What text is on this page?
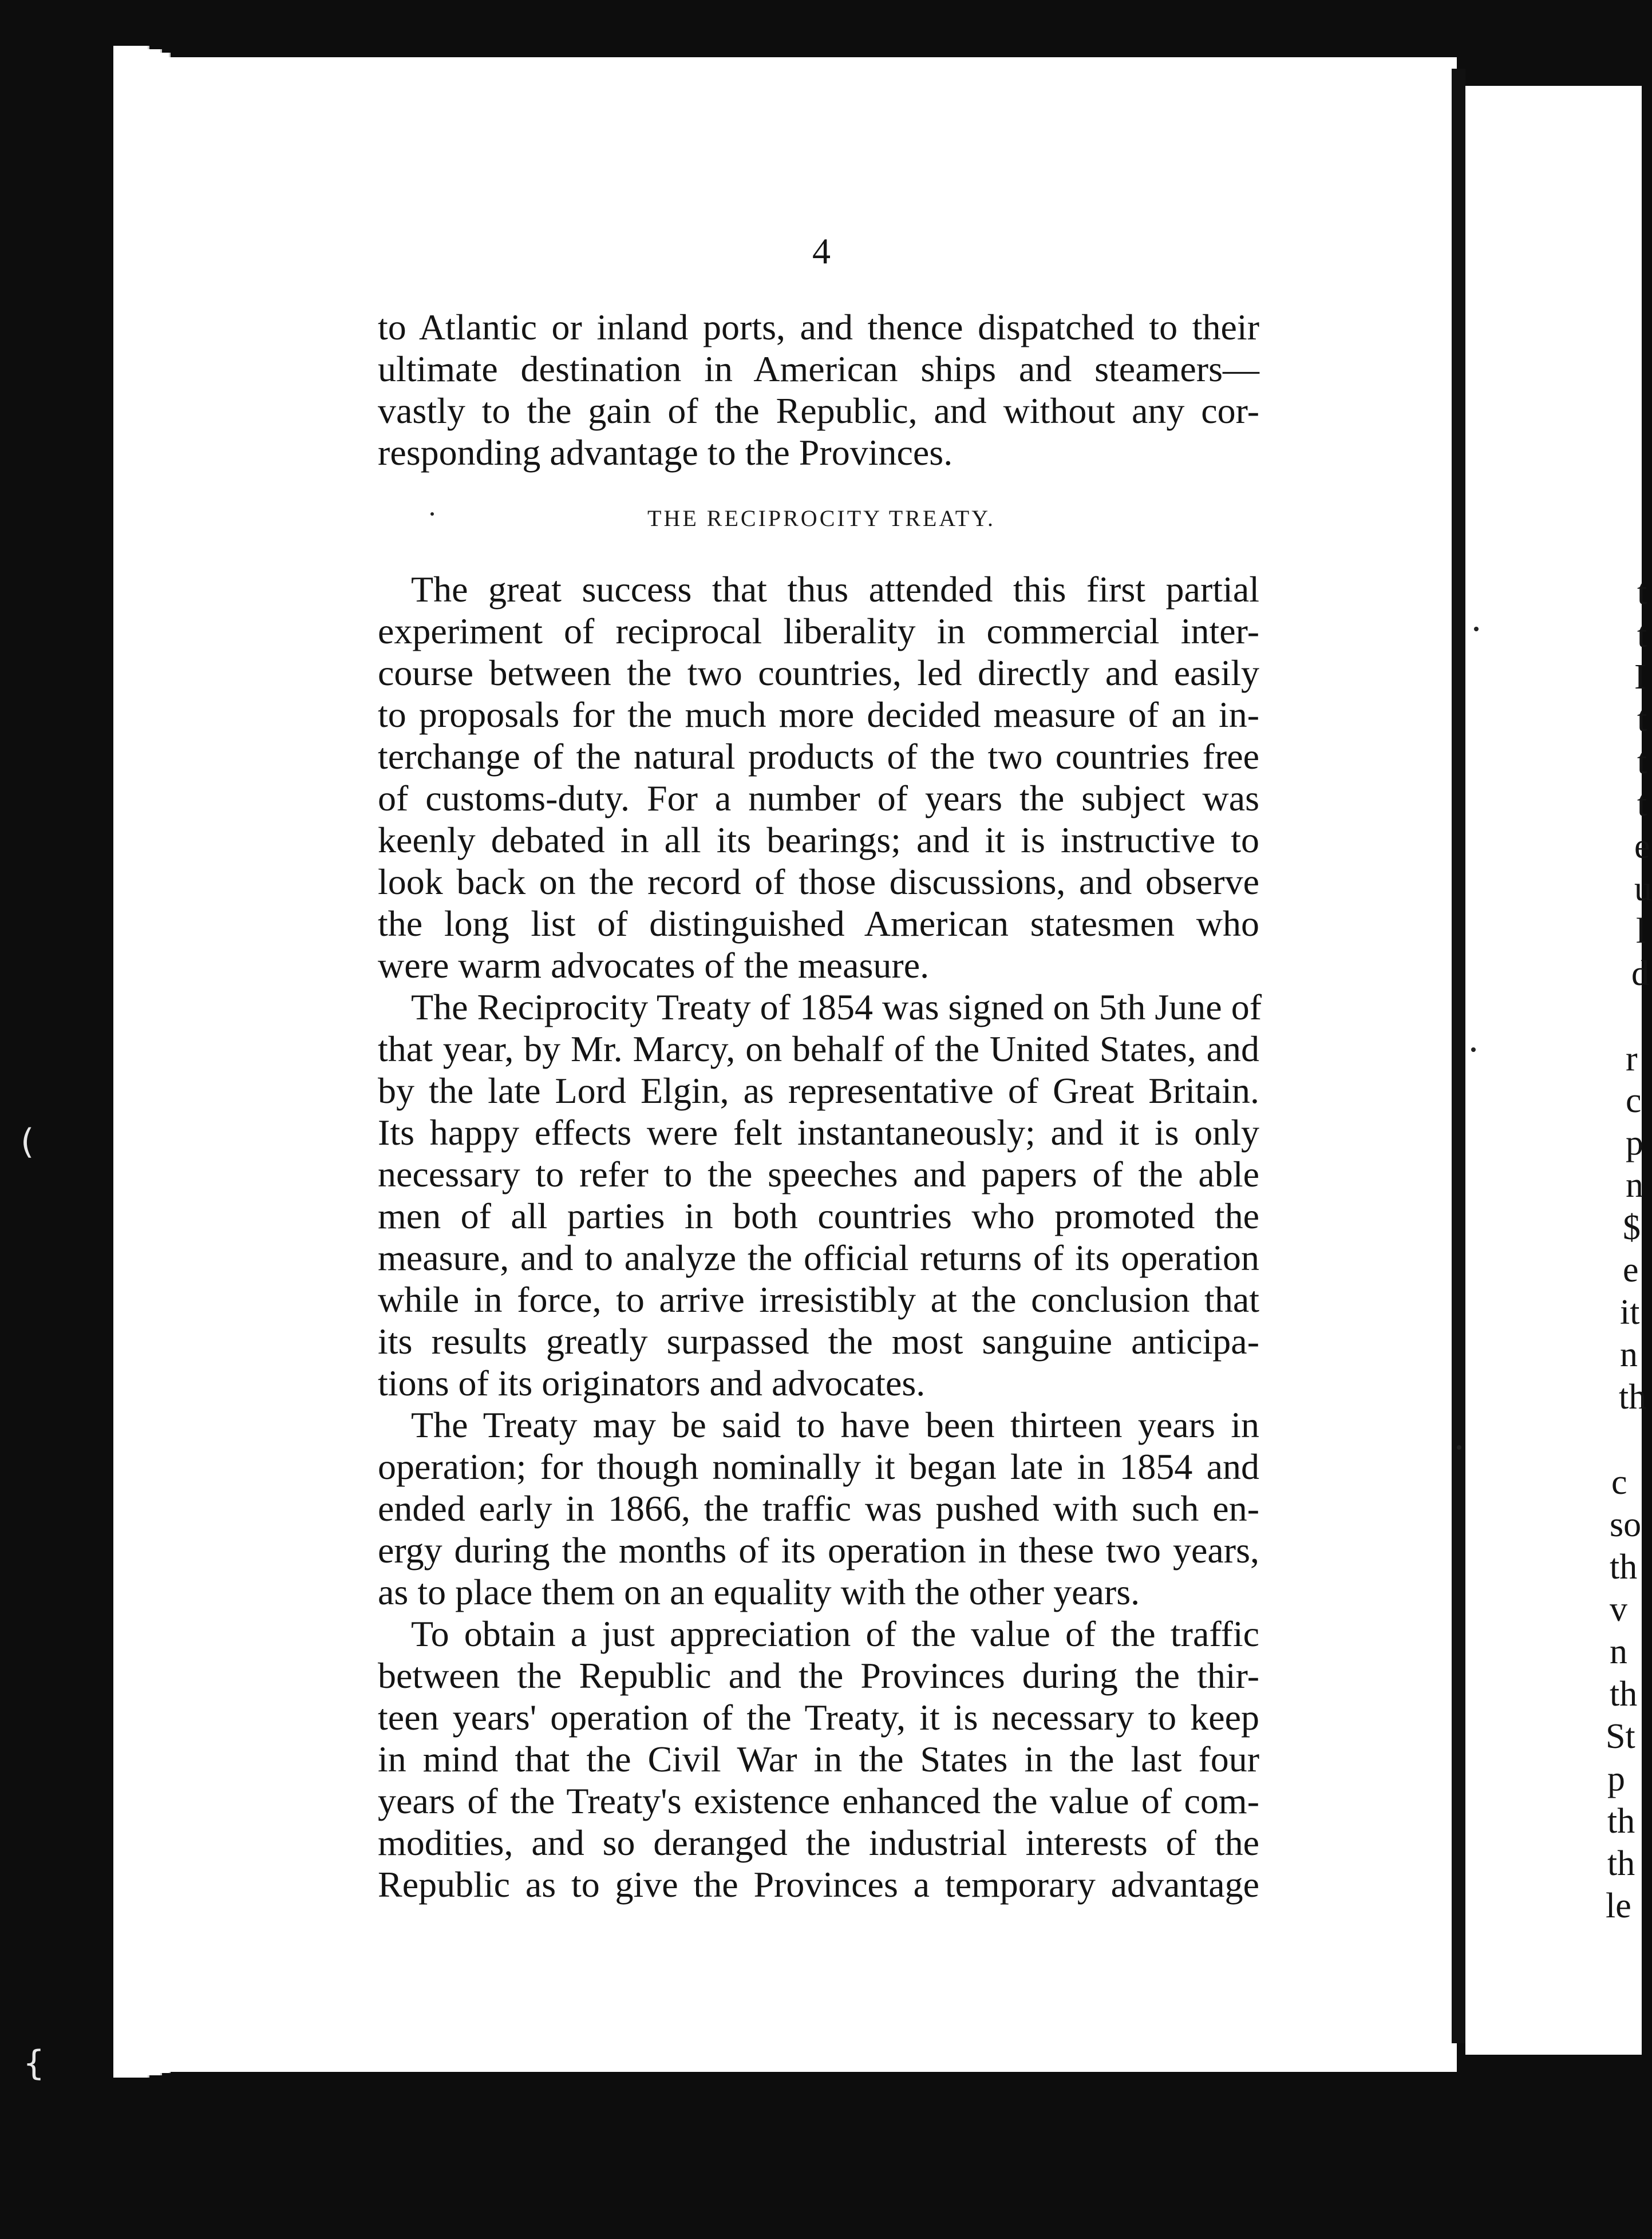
(
{
4
to Atlantic or inland ports, and thence dispatched to their
ultimate destination in American ships and steamers—
vastly to the gain of the Republic, and without any cor-
responding advantage to the Provinces.
THE RECIPROCITY TREATY.
The great success that thus attended this first partial
experiment of reciprocal liberality in commercial inter-
course between the two countries, led directly and easily
to proposals for the much more decided measure of an in-
terchange of the natural products of the two countries free
of customs-duty. For a number of years the subject was
keenly debated in all its bearings; and it is instructive to
look back on the record of those discussions, and observe
the long list of distinguished American statesmen who
were warm advocates of the measure.
The Reciprocity Treaty of 1854 was signed on 5th June of
that year, by Mr. Marcy, on behalf of the United States, and
by the late Lord Elgin, as representative of Great Britain.
Its happy effects were felt instantaneously; and it is only
necessary to refer to the speeches and papers of the able
men of all parties in both countries who promoted the
measure, and to analyze the official returns of its operation
while in force, to arrive irresistibly at the conclusion that
its results greatly surpassed the most sanguine anticipa-
tions of its originators and advocates.
The Treaty may be said to have been thirteen years in
operation; for though nominally it began late in 1854 and
ended early in 1866, the traffic was pushed with such en-
ergy during the months of its operation in these two years,
as to place them on an equality with the other years.
To obtain a just appreciation of the value of the traffic
between the Republic and the Provinces during the thir-
teen years' operation of the Treaty, it is necessary to keep
in mind that the Civil War in the States in the last four
years of the Treaty's existence enhanced the value of com-
modities, and so deranged the industrial interests of the
Republic as to give the Provinces a temporary advantage
t
t
I
t
t
t
e
u
l
d
r
c
p
n
$
e
it
n
th
c
so
th
v
n
th
St
p
th
th
le
